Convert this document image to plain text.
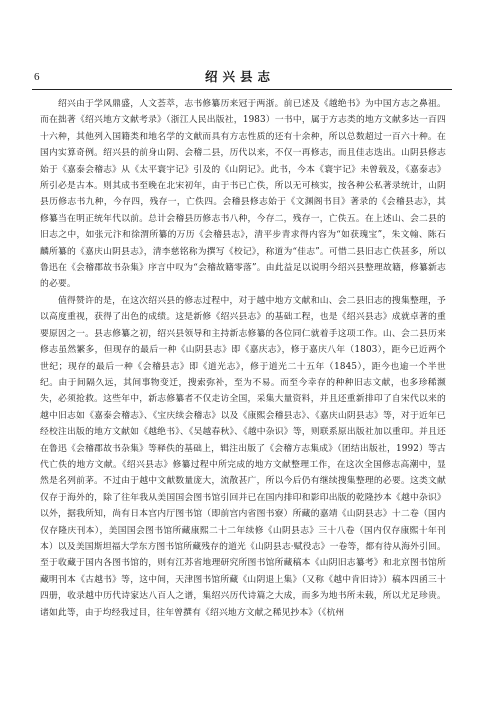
6	绍兴县志

绍兴由于学风鼎盛，人文荟萃，志书修纂历来冠于两浙。前已述及《越绝书》为中国方志之鼻祖。而在拙著《绍兴地方文献考录》（浙江人民出版社，1983）一书中，属于方志类的地方文献多达一百四十六种，其他列入国籍类和地名学的文献而具有方志性质的还有十余种，所以总数超过一百六十种。在国内实算奇例。绍兴县的前身山阴、会稽二县，历代以来，不仅一再修志，而且佳志迭出。山阴县修志始于《嘉泰会稽志》从《太平寰宇记》引及的《山阴记》。此书，今本《寰宇记》未曾载及，《嘉泰志》所引必是古本。则其成书至晚在北宋初年，由于书已亡佚，所以无可核实，按各种公私著录统计，山阴县历修志书九种，今存四，残存一，亡佚四。会稽县修志始于《文渊阁书目》著录的《会稽县志》，其修纂当在明正统年代以前。总计会稽县历修志书八种，今存二，残存一，亡佚五。在上述山、会二县的旧志之中，如张元汴和徐渭所纂的万历《会稽县志》，清平步青求得内容为“如获瑰宝”，朱文翰、陈石麟所纂的《嘉庆山阴县志》，清李慈铭称为撰写《校记》，称道为“佳志”。可惜二县旧志亡佚甚多，所以鲁迅在《会稽郡故书杂集》序言中叹为“会稽故籍零落”。由此益足以说明今绍兴县整理故籍，修纂新志的必要。

值得赞许的是，在这次绍兴县的修志过程中，对于越中地方文献和山、会二县旧志的搜集整理，予以高度重视，获得了出色的成绩。这是新修《绍兴县志》的基础工程，也是《绍兴县志》成就卓著的重要原因之一。县志修纂之初，绍兴县领导和主持新志修纂的各位同仁就着手这项工作。山、会二县历来修志虽然繁多，但现存的最后一种《山阴县志》即《嘉庆志》，修于嘉庆八年（1803），距今已近两个世纪；现存的最后一种《会稽县志》即《道光志》，修于道光二十五年（1845），距今也逾一个半世纪。由于间隔久远，其间事物变迁，搜索弥补，至为不易。而至今幸存的种种旧志文献，也多珍稀濒失，必须抢救。这些年中，新志修纂者不仅走访全国，采集大量资料，并且还重新排印了自宋代以来的越中旧志如《嘉泰会稽志》、《宝庆续会稽志》以及《康熙会稽县志》、《嘉庆山阴县志》等，对于近年已经校注出版的地方文献如《越绝书》、《吴越春秋》、《越中杂识》等，则联系原出版社加以重印。并且还在鲁迅《会稽郡故书杂集》等释佚的基础上，辑注出版了《会稽方志集成》（团结出版社，1992）等古代亡佚的地方文献。《绍兴县志》修纂过程中所完成的地方文献整理工作，在这次全国修志高潮中，显然是名列前茅。不过由于越中文献数量庞大，流散甚广，所以今后仍有继续搜集整理的必要。这类文献仅存于海外的，除了往年我从美国国会图书馆引回并已在国内排印和影印出版的乾隆抄本《越中杂识》以外，据我所知，尚有日本宫内厅图书馆（即前宫内省图书寮）所藏的嘉靖《山阴县志》十二卷（国内仅存隆庆刊本），美国国会图书馆所藏康熙二十二年续修《山阴县志》三十八卷（国内仅存康熙十年刊本）以及美国斯坦福大学东方图书馆所藏残存的道光《山阴县志·赋役志》一卷等，都有待从海外引回。至于收藏于国内各图书馆的，则有江苏省地理研究所图书馆所藏稿本《山阴旧志纂考》和北京图书馆所藏明刊本《古越书》等，这中间，天津图书馆所藏《山阴退上集》（又称《越中肯旧诗》）稿本四函三十四册，收录越中历代诗家达八百人之谱，集绍兴历代诗篇之大成，而多为地书所未载，所以尤足珍贵。诸如此等，由于均经我过目，往年曾撰有《绍兴地方文献之稀见抄本》（《杭州
